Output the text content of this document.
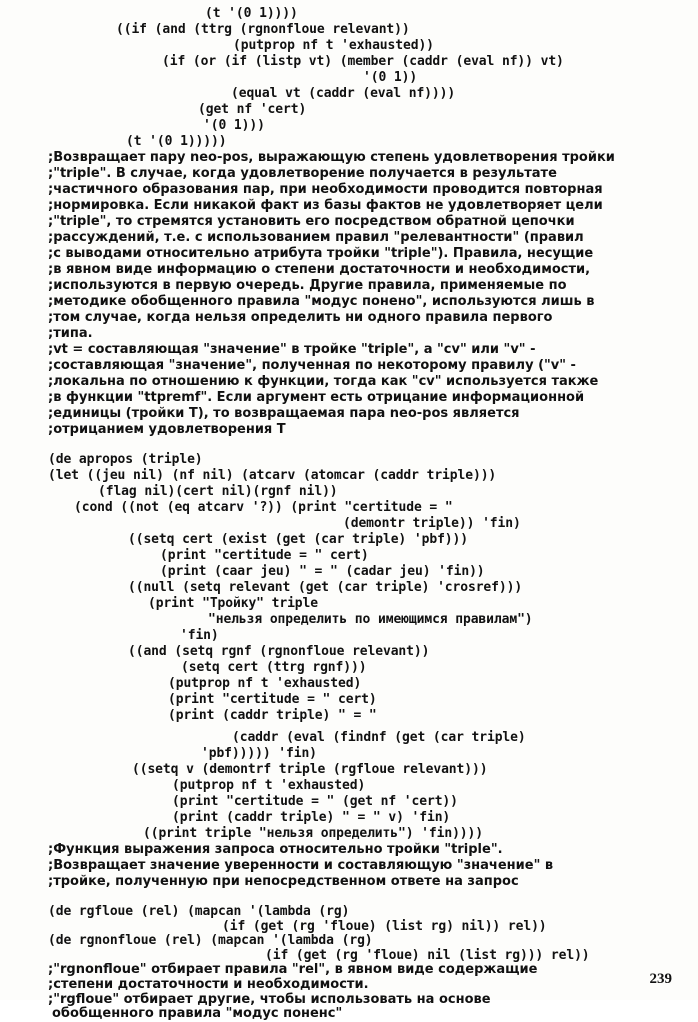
(t '(0 1))))
((if (and (ttrg (rgnonfloue relevant))
(putprop nf t 'exhausted))
(if (or (if (listp vt) (member (caddr (eval nf)) vt)
'(0 1))
(equal vt (caddr (eval nf))))
(get nf 'cert)
'(0 1)))
(t '(0 1)))))
;Возвращает пару neo-pos, выражающую степень удовлетворения тройки
;"triple". В случае, когда удовлетворение получается в результате
;частичного образования пар, при необходимости проводится повторная
;нормировка. Если никакой факт из базы фактов не удовлетворяет цели
;"triple", то стремятся установить его посредством обратной цепочки
;рассуждений, т.е. с использованием правил "релевантности" (правил
;с выводами относительно атрибута тройки "triple"). Правила, несущие
;в явном виде информацию о степени достаточности и необходимости,
;используются в первую очередь. Другие правила, применяемые по
;методике обобщенного правила "модус понено", используются лишь в
;том случае, когда нельзя определить ни одного правила первого
;типа.
;vt = составляющая "значение" в тройке "triple", а "cv" или "v" -
;составляющая "значение", полученная по некоторому правилу ("v" -
;локальна по отношению к функции, тогда как "cv" используется также
;в функции "ttpremf". Если аргумент есть отрицание информационной
;единицы (тройки T), то возвращаемая пара neo-pos является
;отрицанием удовлетворения T
(de apropos (triple)
(let ((jeu nil) (nf nil) (atcarv (atomcar (caddr triple)))
(flag nil)(cert nil)(rgnf nil))
(cond ((not (eq atcarv '?)) (print "certitude = "
(demontr triple)) 'fin)
((setq cert (exist (get (car triple) 'pbf)))
(print "certitude = " cert)
(print (caar jeu) " = " (cadar jeu) 'fin))
((null (setq relevant (get (car triple) 'crosref)))
(print "Тройку" triple
"нельзя определить по имеющимся правилам")
'fin)
((and (setq rgnf (rgnonfloue relevant))
(setq cert (ttrg rgnf)))
(putprop nf t 'exhausted)
(print "certitude = " cert)
(print (caddr triple) " = "
(caddr (eval (findnf (get (car triple)
'pbf))))) 'fin)
((setq v (demontrf triple (rgfloue relevant)))
(putprop nf t 'exhausted)
(print "certitude = " (get nf 'cert))
(print (caddr triple) " = " v) 'fin)
((print triple "нельзя определить") 'fin))))
;Функция выражения запроса относительно тройки "triple".
;Возвращает значение уверенности и составляющую "значение" в
;тройке, полученную при непосредственном ответе на запрос
(de rgfloue (rel) (mapcan '(lambda (rg)
(if (get (rg 'floue) (list rg) nil)) rel))
(de rgnonfloue (rel) (mapcan '(lambda (rg)
(if (get (rg 'floue) nil (list rg))) rel))
;"rgnonfloue" отбирает правила "rel", в явном виде содержащие
;степени достаточности и необходимости.
;"rgfloue" отбирает другие, чтобы использовать на основе
обобщенного правила "модус поненс"
239
